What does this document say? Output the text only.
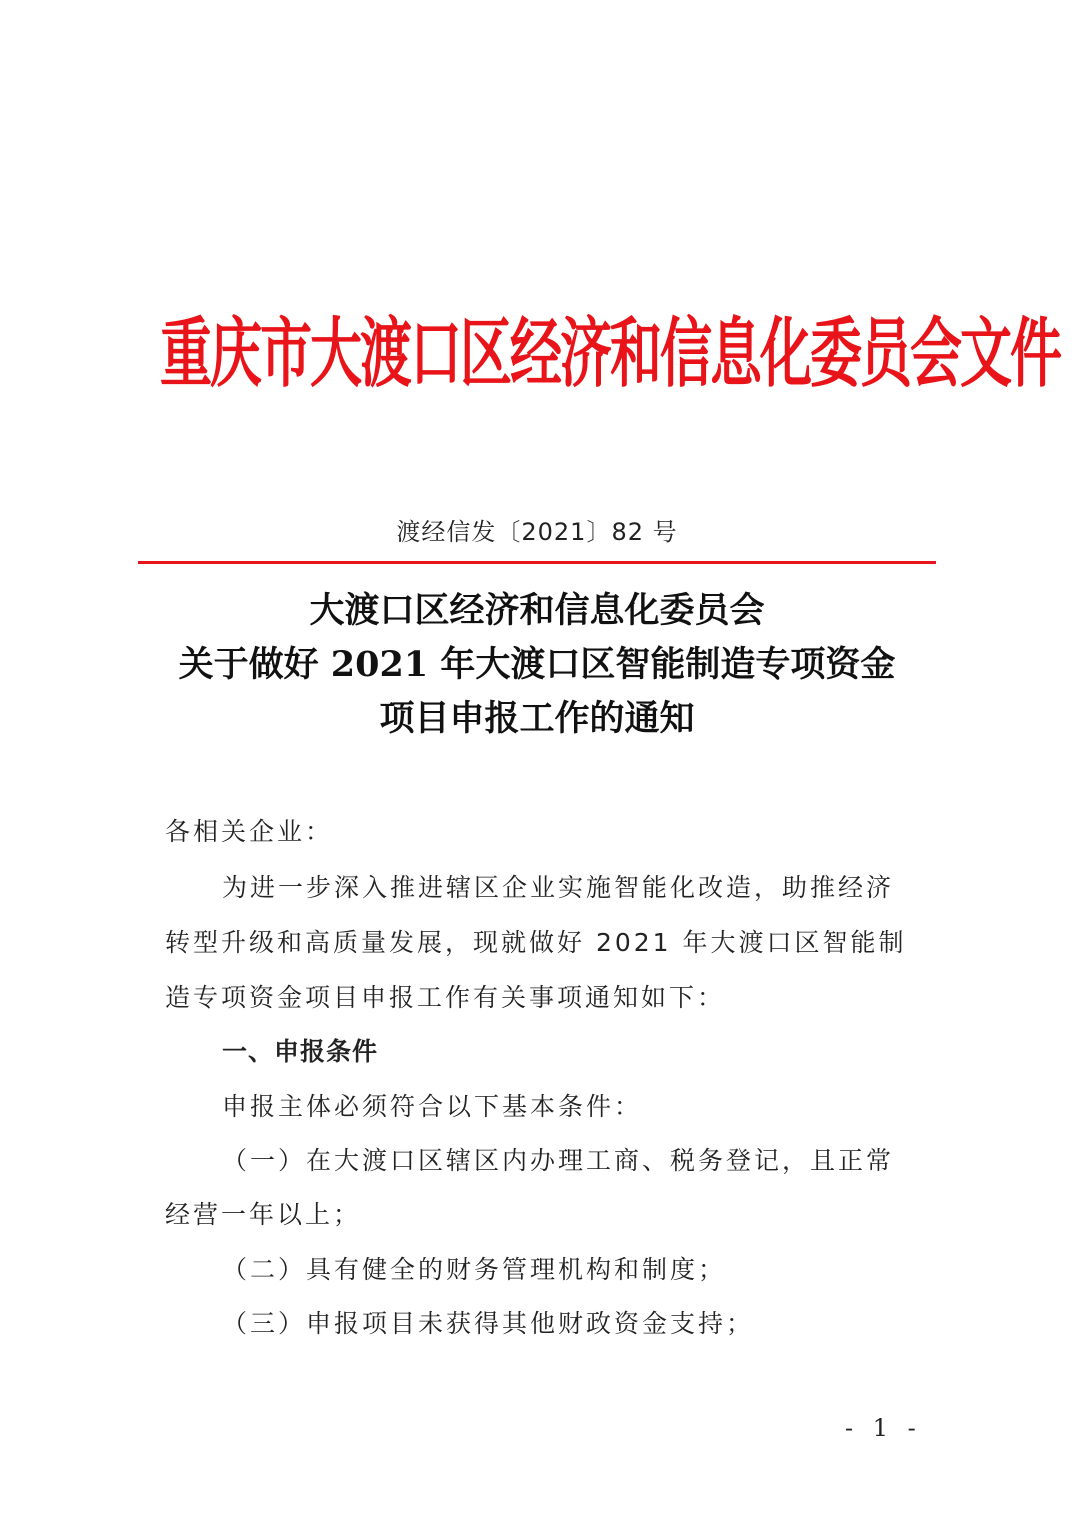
重庆市大渡口区经济和信息化委员会文件
渡经信发〔2021〕82 号
大渡口区经济和信息化委员会
关于做好 2021 年大渡口区智能制造专项资金
项目申报工作的通知
各相关企业：
为进一步深入推进辖区企业实施智能化改造，助推经济
转型升级和高质量发展，现就做好 2021 年大渡口区智能制
造专项资金项目申报工作有关事项通知如下：
一、申报条件
申报主体必须符合以下基本条件：
（一）在大渡口区辖区内办理工商、税务登记，且正常
经营一年以上；
（二）具有健全的财务管理机构和制度；
（三）申报项目未获得其他财政资金支持；
- 1 -
